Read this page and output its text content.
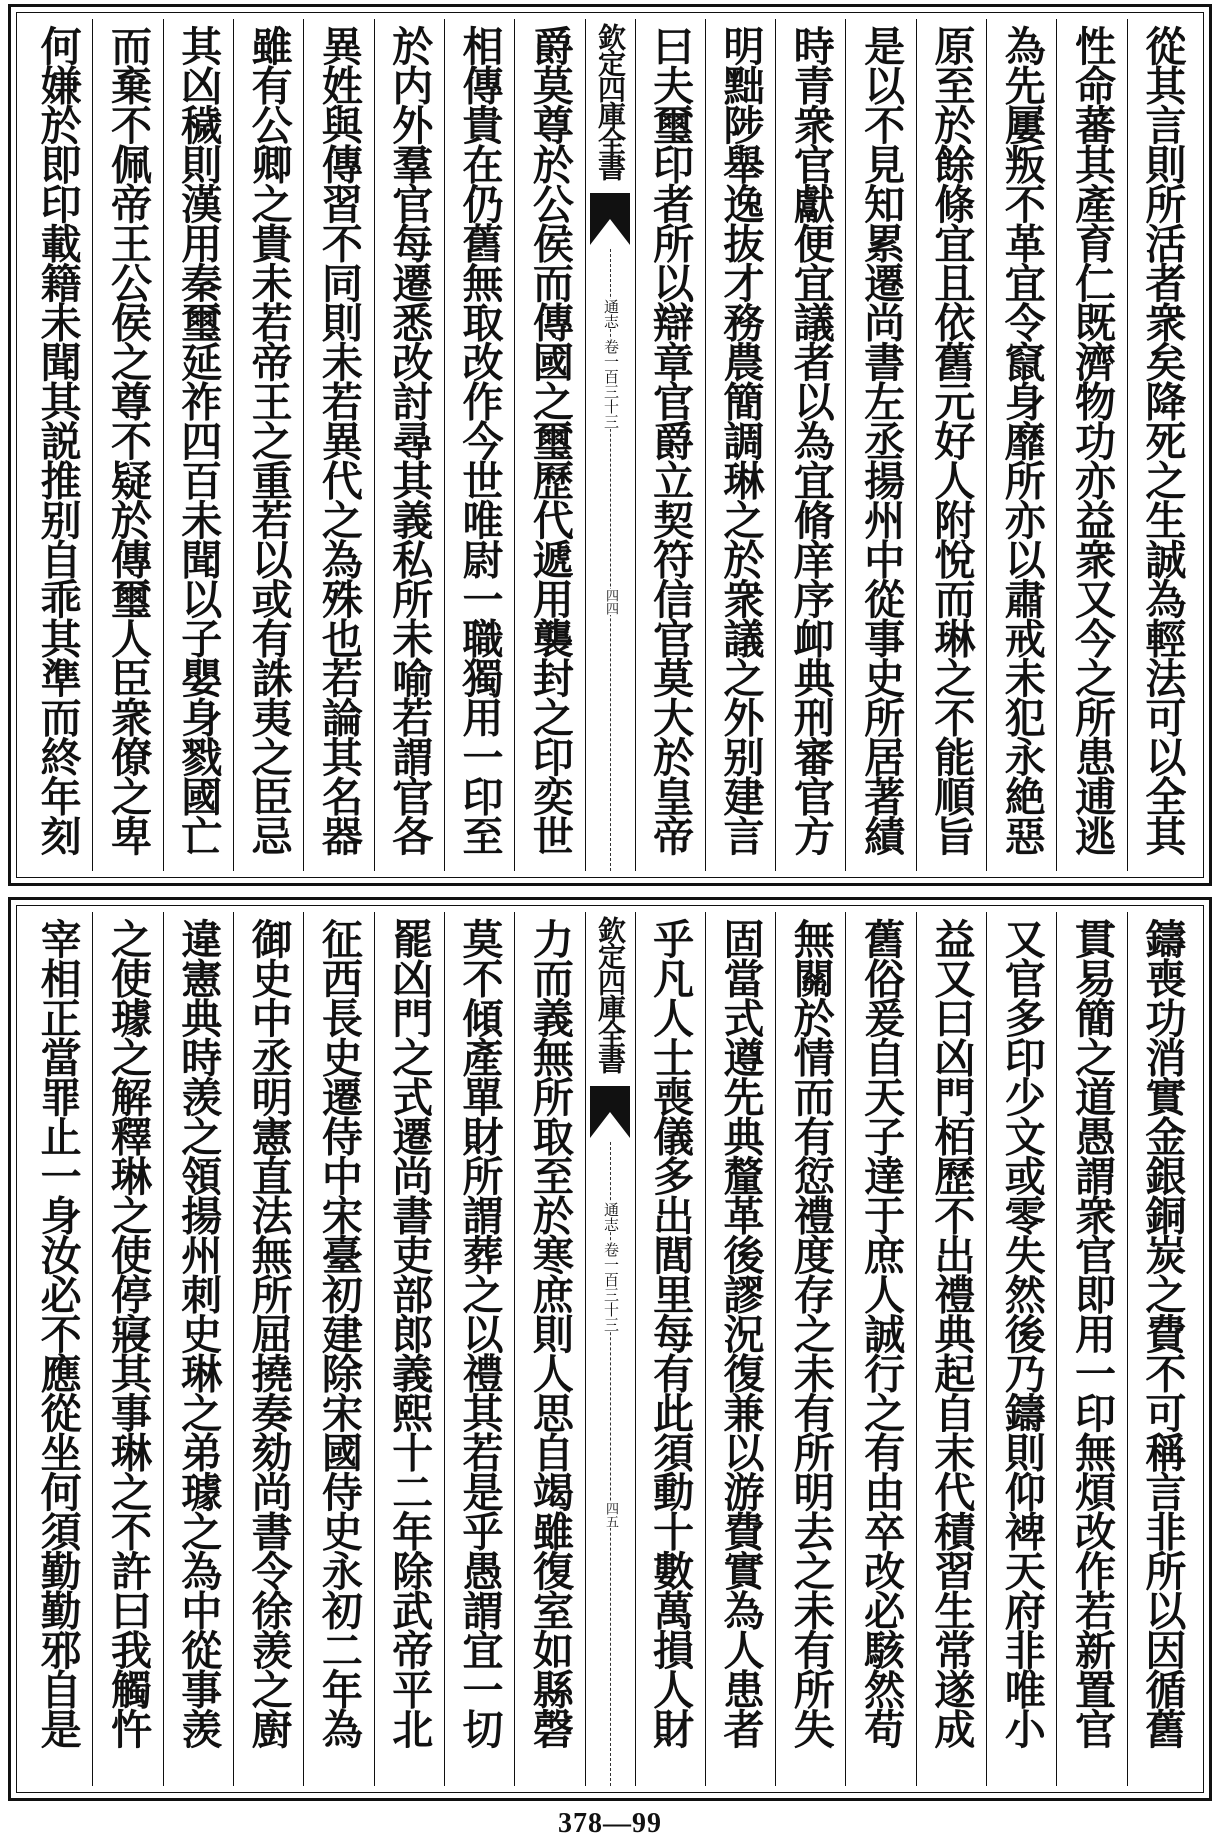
從其言則所活者衆矣降死之生誠為輕法可以全其
性命蕃其產育仁既濟物功亦益衆又今之所患逋逃
為先屢叛不革宜令竄身靡所亦以肅戒未犯永絶惡
原至於餘條宜且依舊元好人附悅而琳之不能順旨
是以不見知累遷尚書左丞揚州中從事史所居著績
時青衆官獻便宜議者以為宜脩庠序卹典刑審官方
明黜陟舉逸抜才務農簡調琳之於衆議之外别建言
曰夫璽印者所以辯章官爵立契符信官莫大於皇帝
欽定四庫全書
通志
卷一百三十三
四四
爵莫尊於公侯而傳國之璽歷代遞用襲封之印奕世
相傳貴在仍舊無取改作今世唯尉一職獨用一印至
於内外羣官每遷悉改討尋其義私所未喻若謂官各
異姓與傳習不同則未若異代之為殊也若論其名器
雖有公卿之貴未若帝王之重若以或有誅夷之臣忌
其凶穢則漢用秦璽延祚四百未聞以子嬰身戮國亡
而棄不佩帝王公侯之尊不疑於傳璽人臣衆僚之卑
何嫌於即印載籍未聞其説推别自乖其準而終年刻
鑄喪功消實金銀銅炭之費不可稱言非所以因循舊
貫易簡之道愚謂衆官即用一印無煩改作若新置官
又官多印少文或零失然後乃鑄則仰裨天府非唯小
益又曰凶門栢歷不出禮典起自末代積習生常遂成
舊俗爰自天子達于庶人誠行之有由卒改必駭然苟
無關於情而有愆禮度存之未有所明去之未有所失
固當式遵先典釐革後謬況復兼以游費實為人患者
乎凡人士喪儀多出閭里每有此須動十數萬損人財
欽定四庫全書
通志
卷一百三十三
四五
力而義無所取至於寒庶則人思自竭雖復室如縣磬
莫不傾產單財所謂葬之以禮其若是乎愚謂宜一切
罷凶門之式遷尚書吏部郎義熙十二年除武帝平北
征西長史遷侍中宋臺初建除宋國侍史永初二年為
御史中丞明憲直法無所屈撓奏劾尚書令徐羡之廚
違憲典時羡之領揚州刺史琳之弟璩之為中從事羡
之使璩之解釋琳之使停寢其事琳之不許曰我觸忤
宰相正當罪止一身汝必不應從坐何須勤勤邪自是
378—99
